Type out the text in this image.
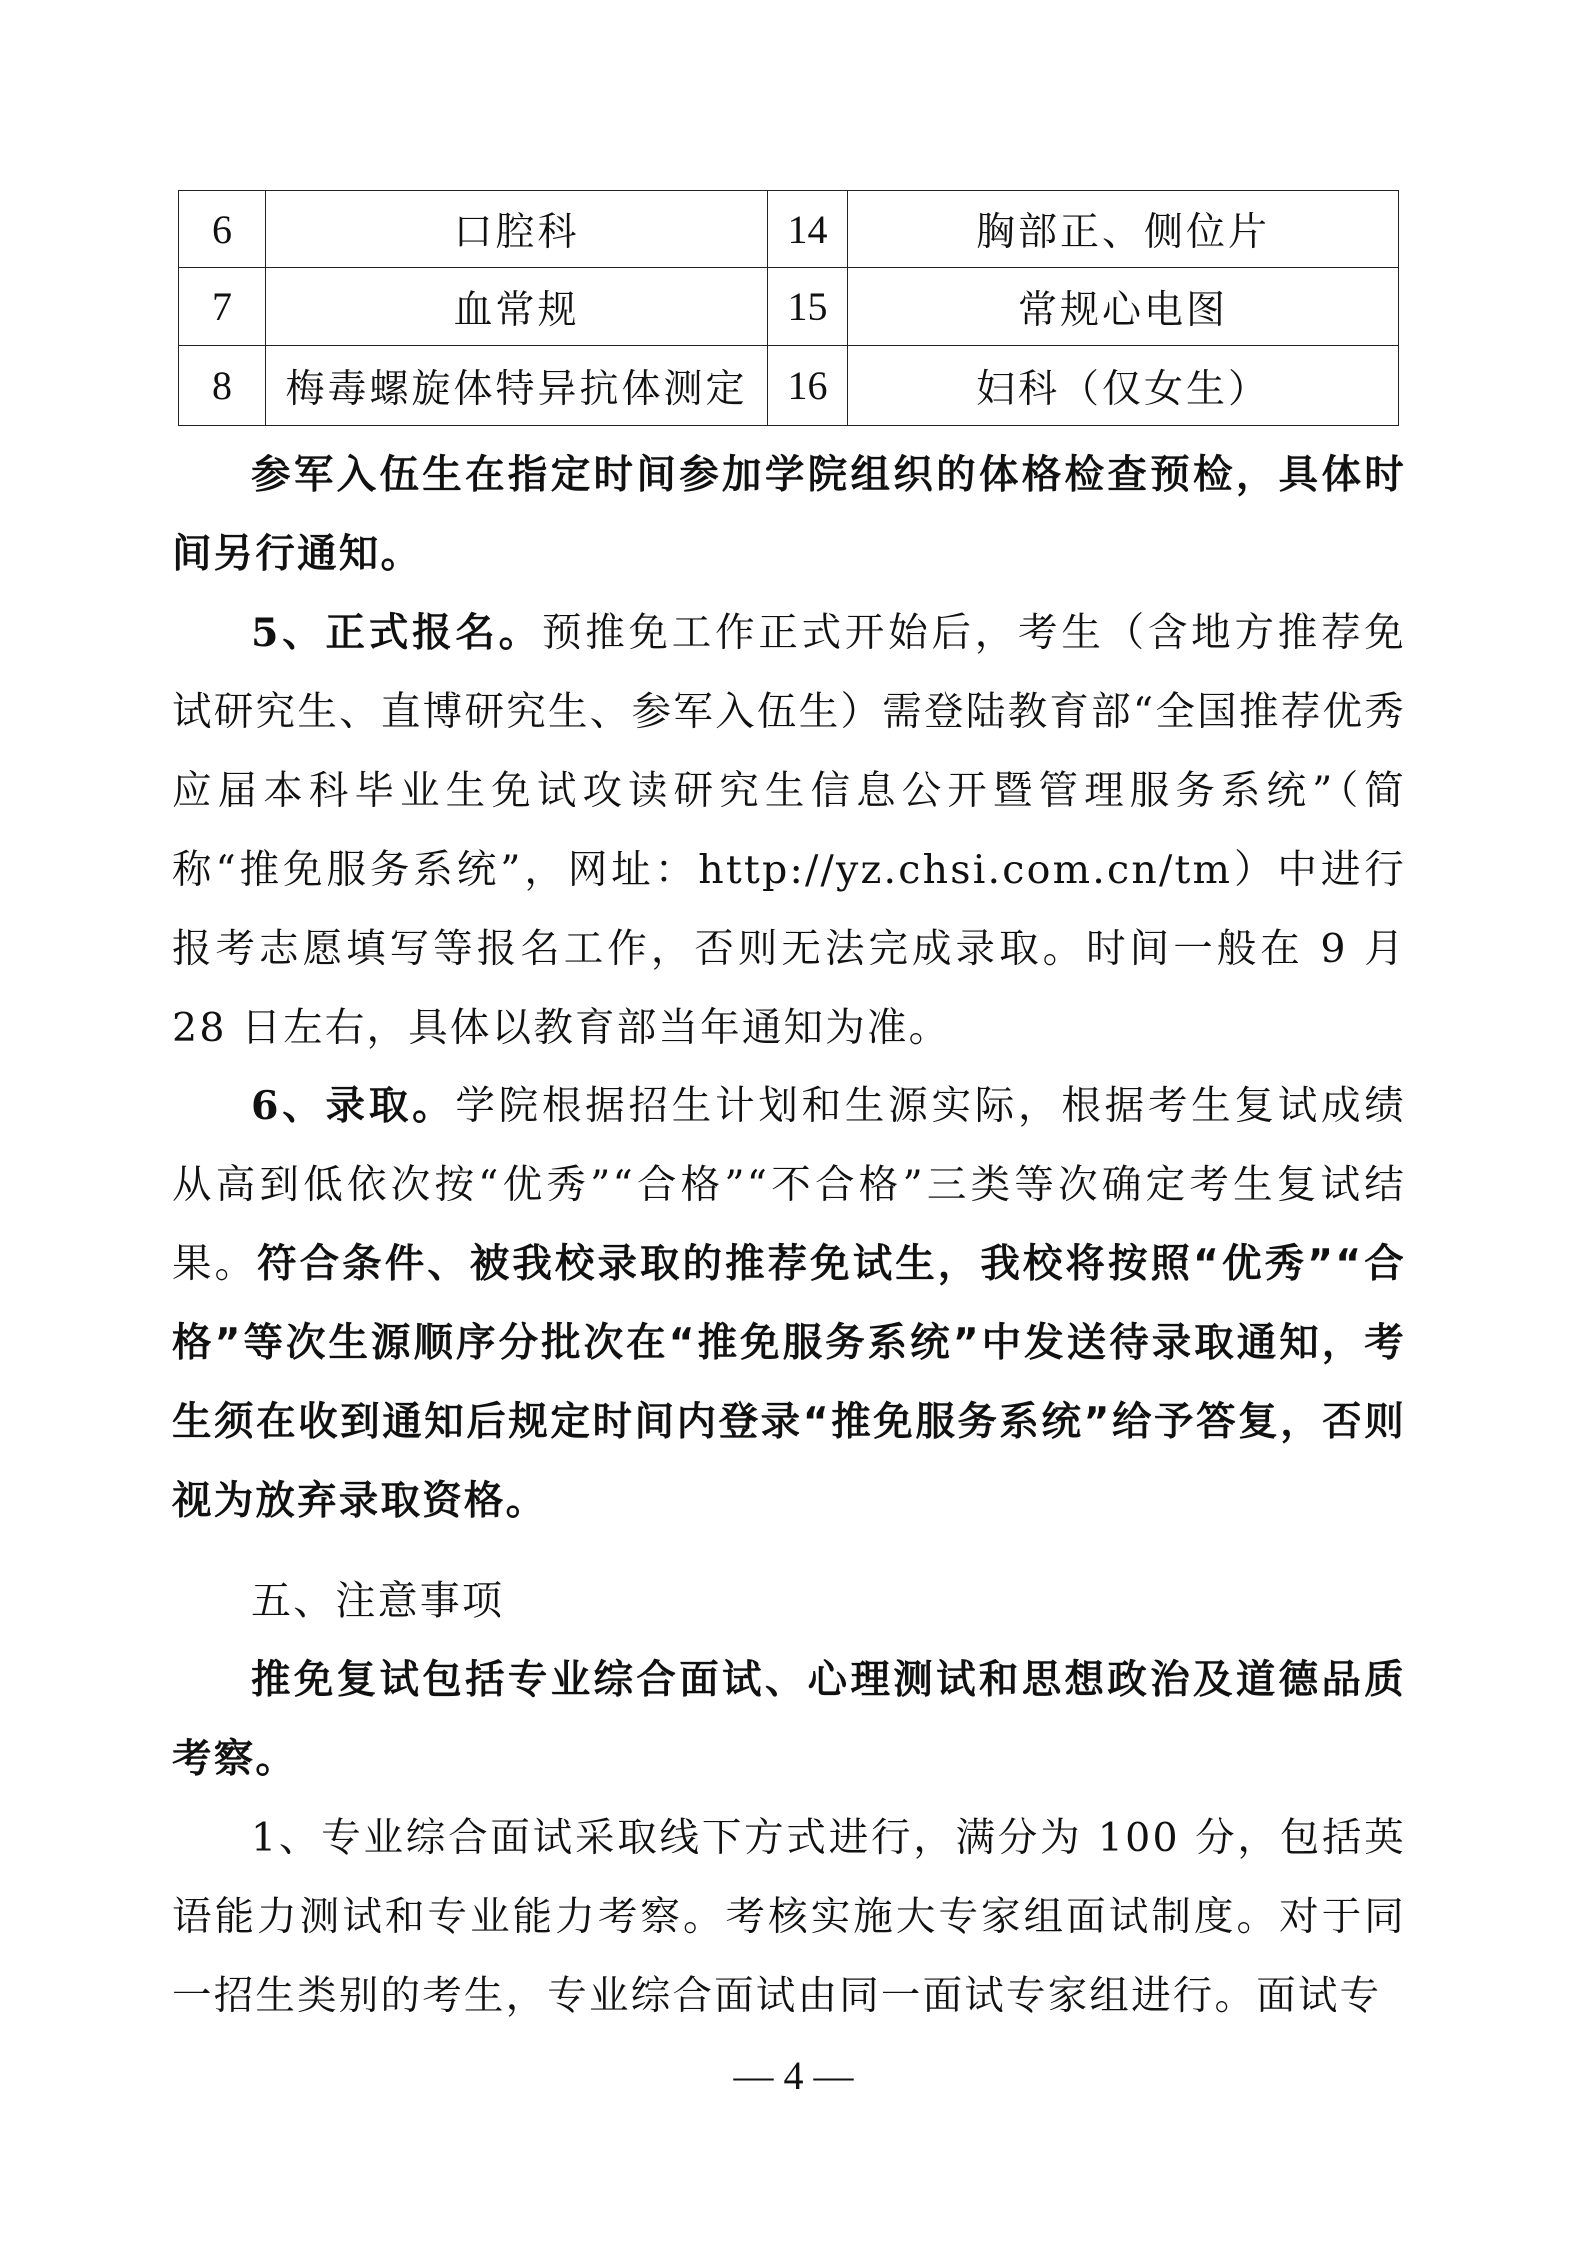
6	口腔科	14	胸部正、侧位片
7	血常规	15	常规心电图
8	梅毒螺旋体特异抗体测定	16	妇科（仅女生）

参军入伍生在指定时间参加学院组织的体格检查预检，具体时间另行通知。

5、正式报名。预推免工作正式开始后，考生（含地方推荐免试研究生、直博研究生、参军入伍生）需登陆教育部“全国推荐优秀应届本科毕业生免试攻读研究生信息公开暨管理服务系统”（简称“推免服务系统”，网址：http://yz.chsi.com.cn/tm）中进行报考志愿填写等报名工作，否则无法完成录取。时间一般在 9 月 28 日左右，具体以教育部当年通知为准。

6、录取。学院根据招生计划和生源实际，根据考生复试成绩从高到低依次按“优秀”“合格”“不合格”三类等次确定考生复试结果。符合条件、被我校录取的推荐免试生，我校将按照“优秀”“合格”等次生源顺序分批次在“推免服务系统”中发送待录取通知，考生须在收到通知后规定时间内登录“推免服务系统”给予答复，否则视为放弃录取资格。

五、注意事项

推免复试包括专业综合面试、心理测试和思想政治及道德品质考察。

1、专业综合面试采取线下方式进行，满分为 100 分，包括英语能力测试和专业能力考察。考核实施大专家组面试制度。对于同一招生类别的考生，专业综合面试由同一面试专家组进行。面试专

— 4 —
